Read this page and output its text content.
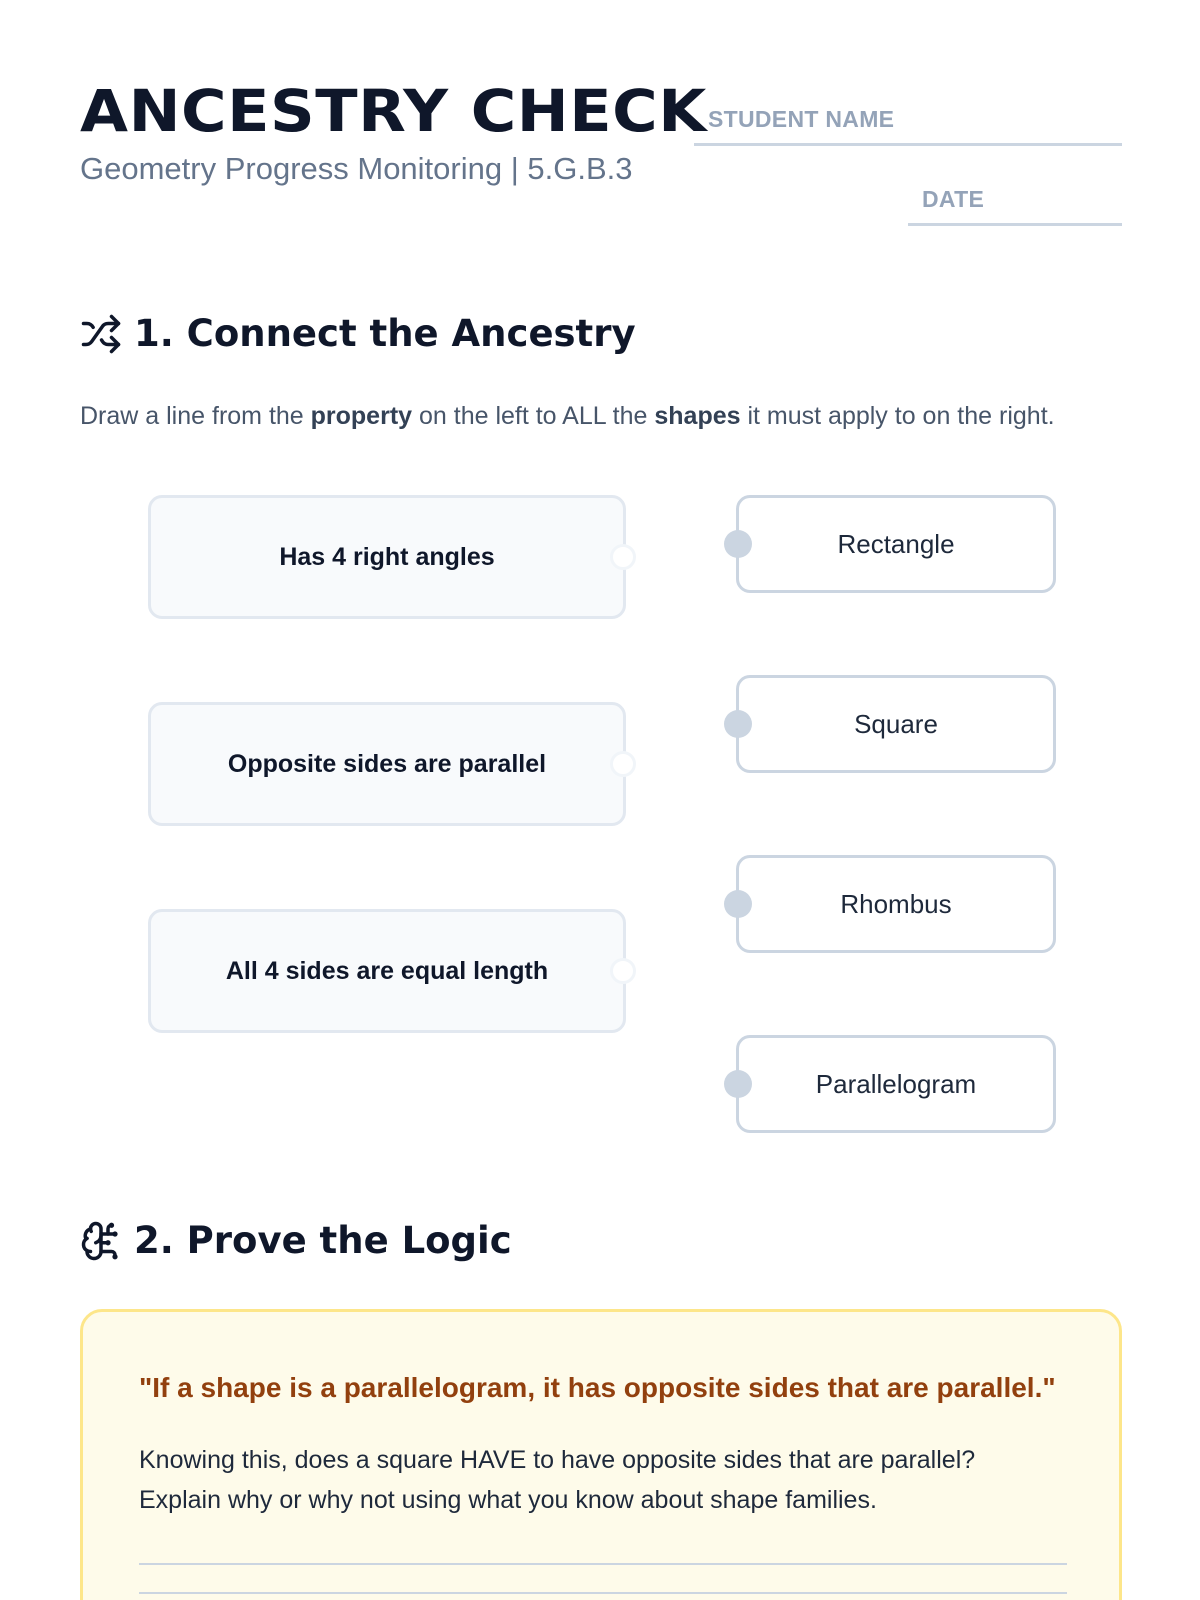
ANCESTRY CHECK
Geometry Progress Monitoring | 5.G.B.3
STUDENT NAME
DATE
1. Connect the Ancestry
Draw a line from the property on the left to ALL the shapes it must apply to on the right.
Has 4 right angles
Opposite sides are parallel
All 4 sides are equal length
Rectangle
Square
Rhombus
Parallelogram
2. Prove the Logic
"If a shape is a parallelogram, it has opposite sides that are parallel."
Knowing this, does a square HAVE to have opposite sides that are parallel?
Explain why or why not using what you know about shape families.
